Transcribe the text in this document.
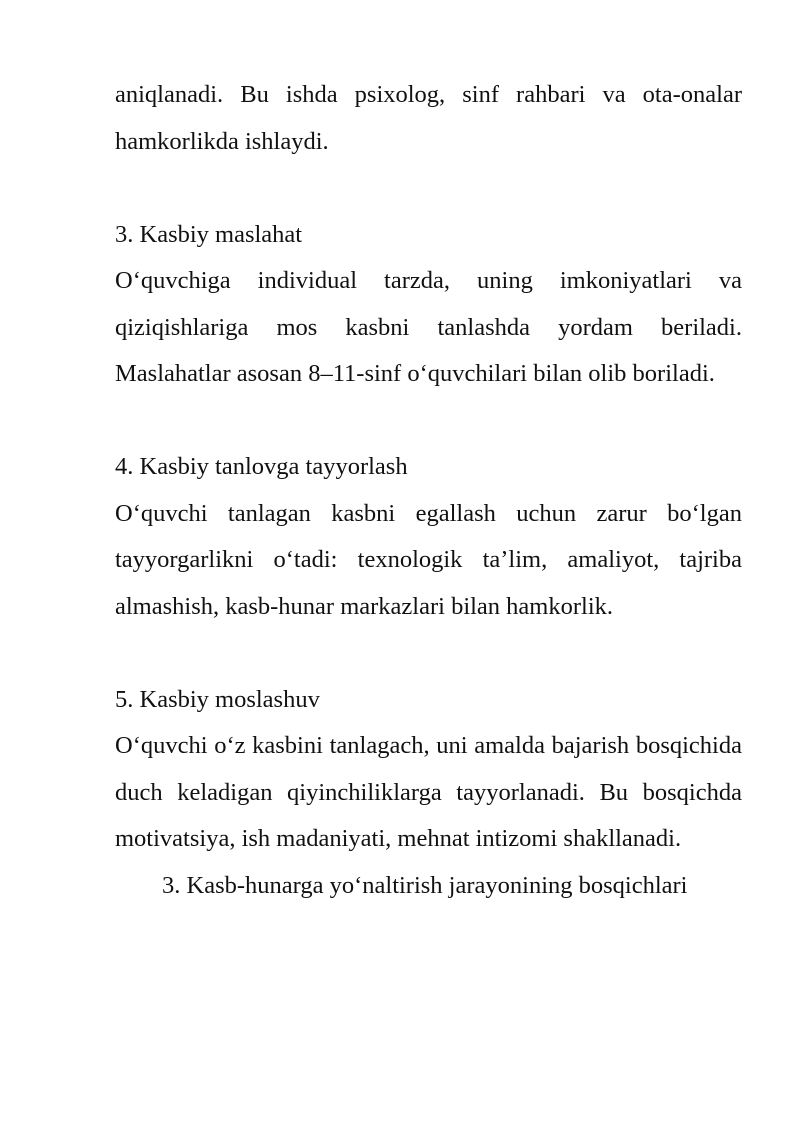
aniqlanadi. Bu ishda psixolog, sinf rahbari va ota-onalar hamkorlikda ishlaydi.

3. Kasbiy maslahat

O‘quvchiga individual tarzda, uning imkoniyatlari va qiziqishlariga mos kasbni tanlashda yordam beriladi. Maslahatlar asosan 8–11-sinf o‘quvchilari bilan olib boriladi.

4. Kasbiy tanlovga tayyorlash

O‘quvchi tanlagan kasbni egallash uchun zarur bo‘lgan tayyorgarlikni o‘tadi: texnologik ta’lim, amaliyot, tajriba almashish, kasb-hunar markazlari bilan hamkorlik.

5. Kasbiy moslashuv

O‘quvchi o‘z kasbini tanlagach, uni amalda bajarish bosqichida duch keladigan qiyinchiliklarga tayyorlanadi. Bu bosqichda motivatsiya, ish madaniyati, mehnat intizomi shakllanadi.

3. Kasb-hunarga yo‘naltirish jarayonining bosqichlari
